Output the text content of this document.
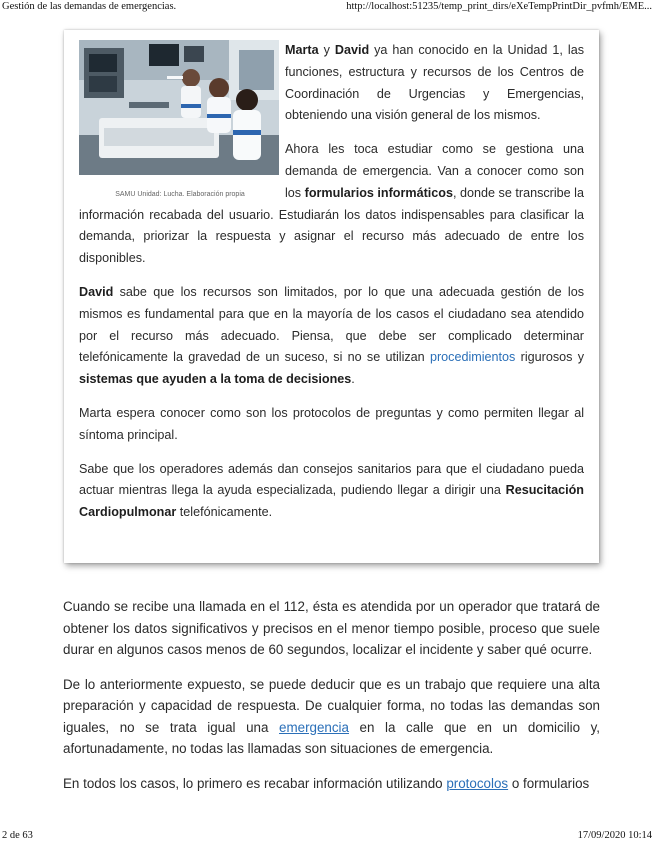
Gestión de las demandas de emergencias.	http://localhost:51235/temp_print_dirs/eXeTempPrintDir_pvfmh/EME...
SAMU Unidad: Lucha. Elaboración propia

Marta y David ya han conocido en la Unidad 1, las funciones, estructura y recursos de los Centros de Coordinación de Urgencias y Emergencias, obteniendo una visión general de los mismos.

Ahora les toca estudiar como se gestiona una demanda de emergencia. Van a conocer como son los formularios informáticos, donde se transcribe la información recabada del usuario. Estudiarán los datos indispensables para clasificar la demanda, priorizar la respuesta y asignar el recurso más adecuado de entre los disponibles.

David sabe que los recursos son limitados, por lo que una adecuada gestión de los mismos es fundamental para que en la mayoría de los casos el ciudadano sea atendido por el recurso más adecuado. Piensa, que debe ser complicado determinar telefónicamente la gravedad de un suceso, si no se utilizan procedimientos rigurosos y sistemas que ayuden a la toma de decisiones.

Marta espera conocer como son los protocolos de preguntas y como permiten llegar al síntoma principal.

Sabe que los operadores además dan consejos sanitarios para que el ciudadano pueda actuar mientras llega la ayuda especializada, pudiendo llegar a dirigir una Resucitación Cardiopulmonar telefónicamente.

Cuando se recibe una llamada en el 112, ésta es atendida por un operador que tratará de obtener los datos significativos y precisos en el menor tiempo posible, proceso que suele durar en algunos casos menos de 60 segundos, localizar el incidente y saber qué ocurre.

De lo anteriormente expuesto, se puede deducir que es un trabajo que requiere una alta preparación y capacidad de respuesta. De cualquier forma, no todas las demandas son iguales, no se trata igual una emergencia en la calle que en un domicilio y, afortunadamente, no todas las llamadas son situaciones de emergencia.

En todos los casos, lo primero es recabar información utilizando protocolos o formularios

2 de 63	17/09/2020 10:14
